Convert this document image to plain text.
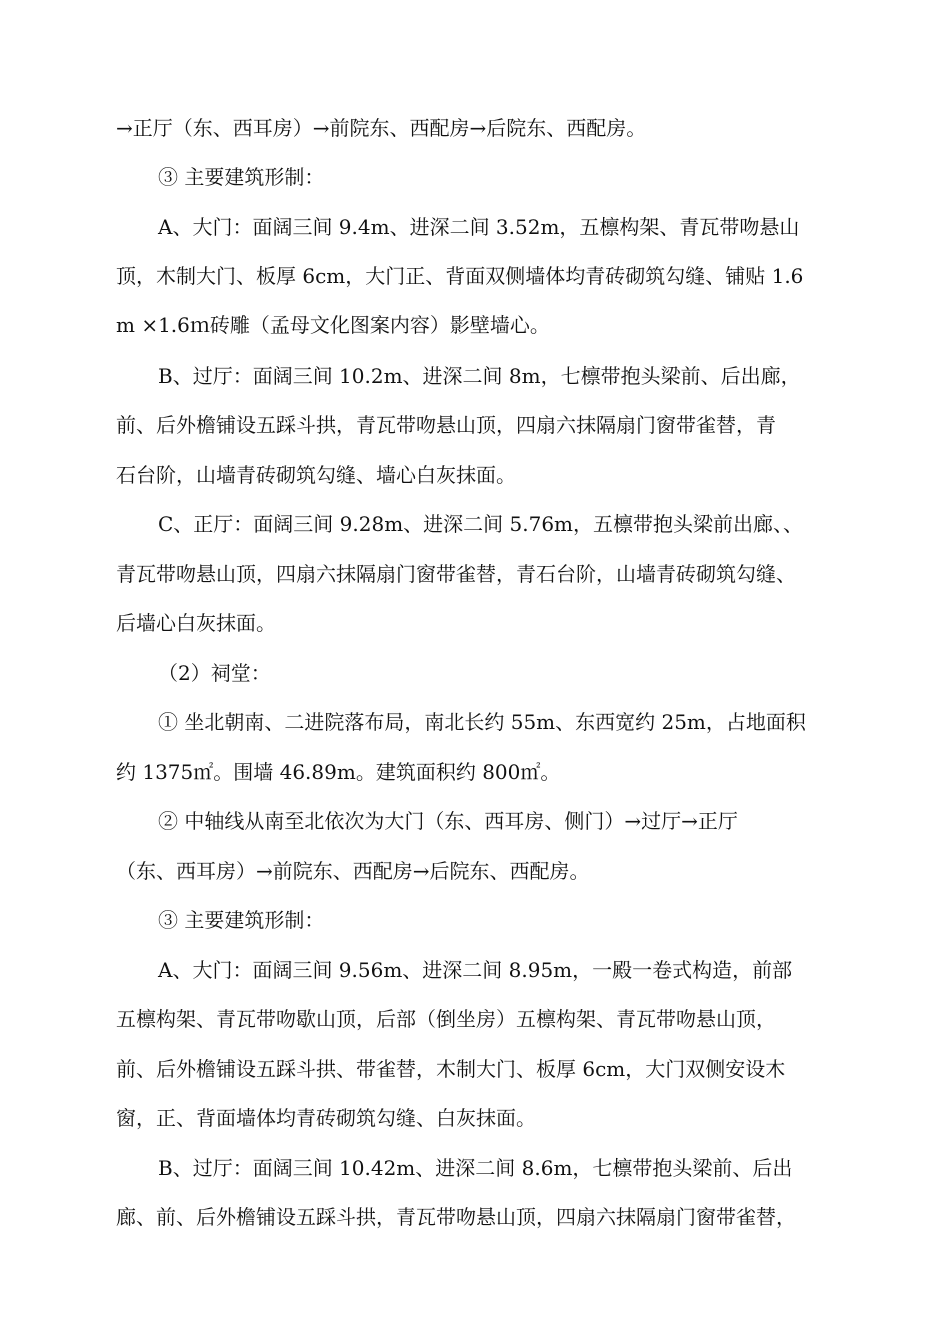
→正厅（东、西耳房）→前院东、西配房→后院东、西配房。
③ 主要建筑形制：
A、大门：面阔三间 9.4m、进深二间 3.52m，五檩构架、青瓦带吻悬山
顶，木制大门、板厚 6cm，大门正、背面双侧墙体均青砖砌筑勾缝、铺贴 1.6
m ×1.6ｍ砖雕（孟母文化图案内容）影壁墙心。
B、过厅：面阔三间 10.2m、进深二间 8m，七檩带抱头梁前、后出廊，
前、后外檐铺设五踩斗拱，青瓦带吻悬山顶，四扇六抹隔扇门窗带雀替，青
石台阶，山墙青砖砌筑勾缝、墙心白灰抹面。
C、正厅：面阔三间 9.28m、进深二间 5.76m，五檩带抱头梁前出廊、、
青瓦带吻悬山顶，四扇六抹隔扇门窗带雀替，青石台阶，山墙青砖砌筑勾缝、
后墙心白灰抹面。
（2）祠堂：
① 坐北朝南、二进院落布局，南北长约 55m、东西宽约 25m，占地面积
约 1375㎡。围墙 46.89m。建筑面积约 800㎡。
② 中轴线从南至北依次为大门（东、西耳房、侧门）→过厅→正厅
（东、西耳房）→前院东、西配房→后院东、西配房。
③ 主要建筑形制：
A、大门：面阔三间 9.56m、进深二间 8.95m，一殿一卷式构造，前部
五檩构架、青瓦带吻歇山顶，后部（倒坐房）五檩构架、青瓦带吻悬山顶，
前、后外檐铺设五踩斗拱、带雀替，木制大门、板厚 6cm，大门双侧安设木
窗，正、背面墙体均青砖砌筑勾缝、白灰抹面。
B、过厅：面阔三间 10.42m、进深二间 8.6m，七檩带抱头梁前、后出
廊、前、后外檐铺设五踩斗拱，青瓦带吻悬山顶，四扇六抹隔扇门窗带雀替，
